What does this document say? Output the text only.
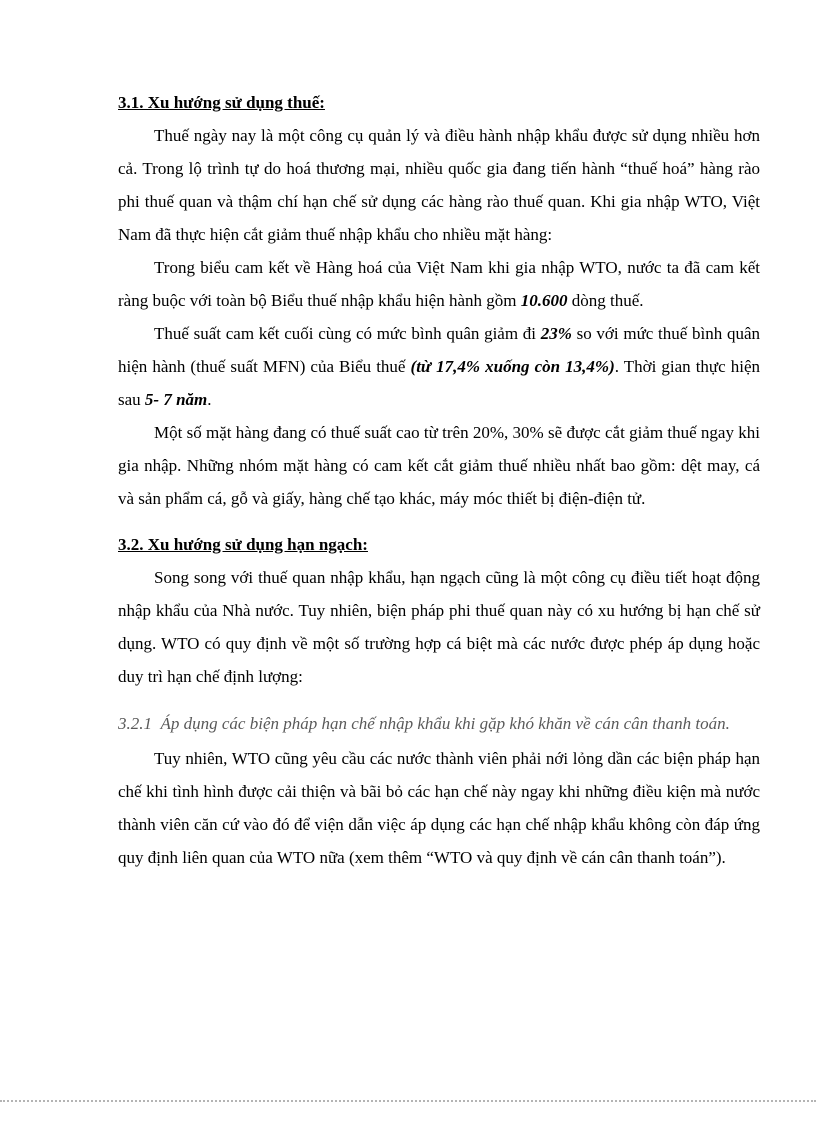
3.1. Xu hướng sử dụng thuế:

Thuế ngày nay là một công cụ quản lý và điều hành nhập khẩu được sử dụng nhiều hơn cả. Trong lộ trình tự do hoá thương mại, nhiều quốc gia đang tiến hành “thuế hoá” hàng rào phi thuế quan và thậm chí hạn chế sử dụng các hàng rào thuế quan. Khi gia nhập WTO, Việt Nam đã thực hiện cắt giảm thuế nhập khẩu cho nhiều mặt hàng:

Trong biểu cam kết về Hàng hoá của Việt Nam khi gia nhập WTO, nước ta đã cam kết ràng buộc với toàn bộ Biểu thuế nhập khẩu hiện hành gồm 10.600 dòng thuế.

Thuế suất cam kết cuối cùng có mức bình quân giảm đi 23% so với mức thuế bình quân hiện hành (thuế suất MFN) của Biểu thuế (từ 17,4% xuống còn 13,4%). Thời gian thực hiện sau 5- 7 năm.

Một số mặt hàng đang có thuế suất cao từ trên 20%, 30% sẽ được cắt giảm thuế ngay khi gia nhập. Những nhóm mặt hàng có cam kết cắt giảm thuế nhiều nhất bao gồm: dệt may, cá và sản phẩm cá, gỗ và giấy, hàng chế tạo khác, máy móc thiết bị điện-điện tử.

3.2. Xu hướng sử dụng hạn ngạch:

Song song với thuế quan nhập khẩu, hạn ngạch cũng là một công cụ điều tiết hoạt động nhập khẩu của Nhà nước. Tuy nhiên, biện pháp phi thuế quan này có xu hướng bị hạn chế sử dụng. WTO có quy định về một số trường hợp cá biệt mà các nước được phép áp dụng hoặc duy trì hạn chế định lượng:

3.2.1  Áp dụng các biện pháp hạn chế nhập khẩu khi gặp khó khăn về cán cân thanh toán.

Tuy nhiên, WTO cũng yêu cầu các nước thành viên phải nới lỏng dần các biện pháp hạn chế khi tình hình được cải thiện và bãi bỏ các hạn chế này ngay khi những điều kiện mà nước thành viên căn cứ vào đó để viện dẫn việc áp dụng các hạn chế nhập khẩu không còn đáp ứng quy định liên quan của WTO nữa (xem thêm “WTO và quy định về cán cân thanh toán”).
